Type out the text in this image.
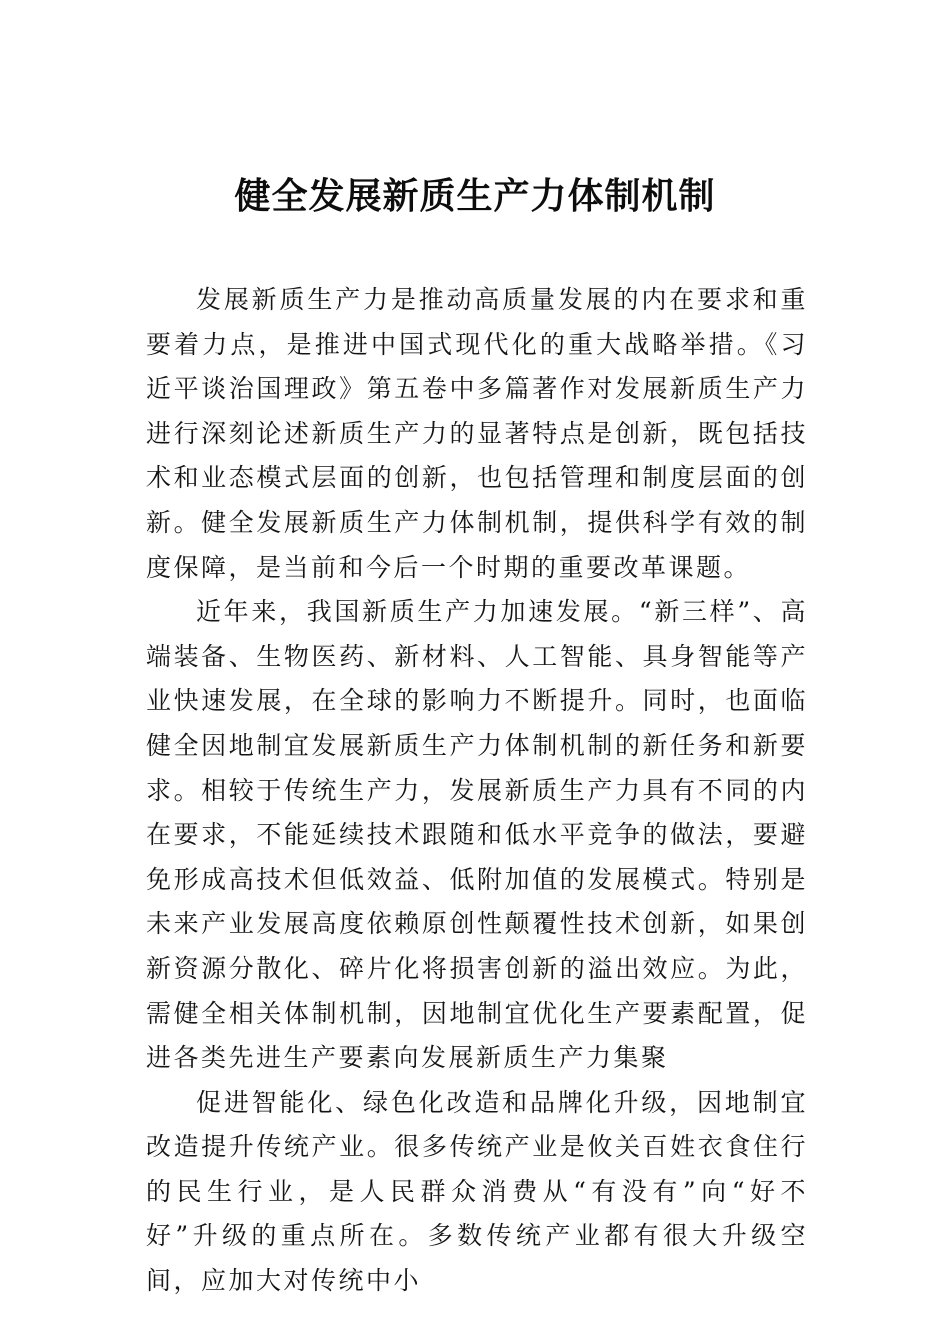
健全发展新质生产力体制机制

发展新质生产力是推动高质量发展的内在要求和重要着力点，是推进中国式现代化的重大战略举措。《习近平谈治国理政》第五卷中多篇著作对发展新质生产力进行深刻论述新质生产力的显著特点是创新，既包括技术和业态模式层面的创新，也包括管理和制度层面的创新。健全发展新质生产力体制机制，提供科学有效的制度保障，是当前和今后一个时期的重要改革课题。

近年来，我国新质生产力加速发展。“新三样”、高端装备、生物医药、新材料、人工智能、具身智能等产业快速发展，在全球的影响力不断提升。同时，也面临健全因地制宜发展新质生产力体制机制的新任务和新要求。相较于传统生产力，发展新质生产力具有不同的内在要求，不能延续技术跟随和低水平竞争的做法，要避免形成高技术但低效益、低附加值的发展模式。特别是未来产业发展高度依赖原创性颠覆性技术创新，如果创新资源分散化、碎片化将损害创新的溢出效应。为此，需健全相关体制机制，因地制宜优化生产要素配置，促进各类先进生产要素向发展新质生产力集聚

促进智能化、绿色化改造和品牌化升级，因地制宜改造提升传统产业。很多传统产业是攸关百姓衣食住行的民生行业，是人民群众消费从“有没有”向“好不好”升级的重点所在。多数传统产业都有很大升级空间，应加大对传统中小
